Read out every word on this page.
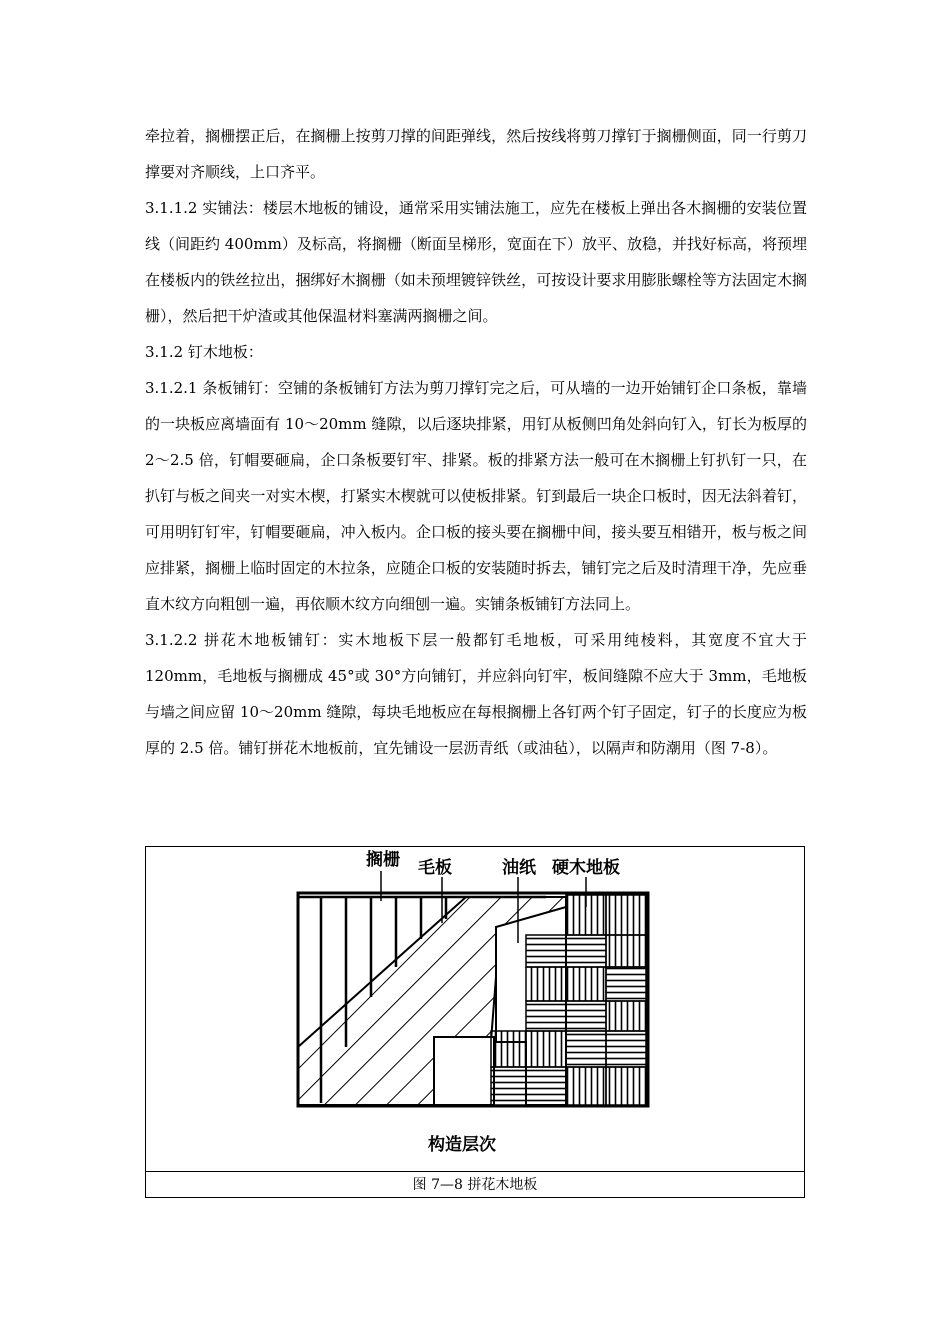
牵拉着，搁栅摆正后，在搁栅上按剪刀撑的间距弹线，然后按线将剪刀撑钉于搁栅侧面，同一行剪刀撑要对齐顺线，上口齐平。

3.1.1.2 实铺法：楼层木地板的铺设，通常采用实铺法施工，应先在楼板上弹出各木搁栅的安装位置线（间距约 400mm）及标高，将搁栅（断面呈梯形，宽面在下）放平、放稳，并找好标高，将预埋在楼板内的铁丝拉出，捆绑好木搁栅（如未预埋镀锌铁丝，可按设计要求用膨胀螺栓等方法固定木搁栅），然后把干炉渣或其他保温材料塞满两搁栅之间。

3.1.2 钉木地板：

3.1.2.1 条板铺钉：空铺的条板铺钉方法为剪刀撑钉完之后，可从墙的一边开始铺钉企口条板，靠墙的一块板应离墙面有 10～20mm 缝隙，以后逐块排紧，用钉从板侧凹角处斜向钉入，钉长为板厚的 2～2.5 倍，钉帽要砸扁，企口条板要钉牢、排紧。板的排紧方法一般可在木搁栅上钉扒钉一只，在扒钉与板之间夹一对实木楔，打紧实木楔就可以使板排紧。钉到最后一块企口板时，因无法斜着钉，可用明钉钉牢，钉帽要砸扁，冲入板内。企口板的接头要在搁栅中间，接头要互相错开，板与板之间应排紧，搁栅上临时固定的木拉条，应随企口板的安装随时拆去，铺钉完之后及时清理干净，先应垂直木纹方向粗刨一遍，再依顺木纹方向细刨一遍。实铺条板铺钉方法同上。

3.1.2.2 拼花木地板铺钉：实木地板下层一般都钉毛地板，可采用纯棱料，其宽度不宜大于 120mm，毛地板与搁栅成 45°或 30°方向铺钉，并应斜向钉牢，板间缝隙不应大于 3mm，毛地板与墙之间应留 10～20mm 缝隙，每块毛地板应在每根搁栅上各钉两个钉子固定，钉子的长度应为板厚的 2.5 倍。铺钉拼花木地板前，宜先铺设一层沥青纸（或油毡），以隔声和防潮用（图 7-8）。

搁栅 毛板	油纸 硬木地板
构造层次
图 7—8 拼花木地板
